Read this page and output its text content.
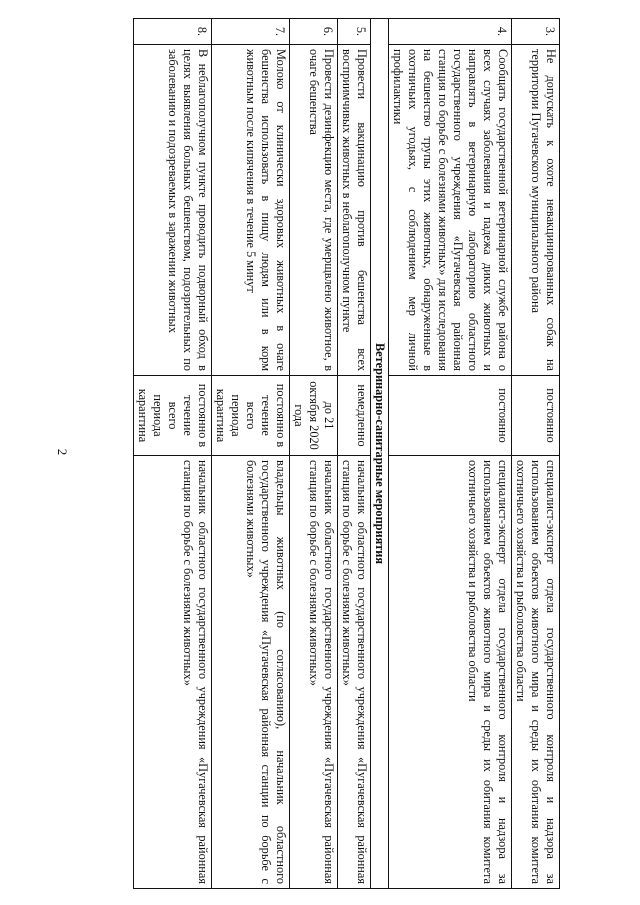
2
3.	Не допускать к охоте невакцинированных собак на территории Пугачевского муниципального района	постоянно	специалист-эксперт отдела государственного контроля и надзора за использованием объектов животного мира и среды их обитания комитета охотничьего хозяйства и рыболовства области
4.	Сообщать государственной ветеринарной службе района о всех случаях заболевания и падежа диких животных и направлять в ветеринарную лабораторию областного государственного учреждения «Пугачевская районная станция по борьбе с болезнями животных» для исследования на бешенство трупы этих животных, обнаруженные в охотничьих угодьях, с соблюдением мер личной профилактики	постоянно	специалист-эксперт отдела государственного контроля и надзора за использованием объектов животного мира и среды их обитания комитета охотничьего хозяйства и рыболовства области
Ветеринарно-санитарные мероприятия			
5.	Провести вакцинацию против бешенства всех восприимчивых животных в неблагополучном пункте	немедленно	начальник областного государственного учреждения «Пугачевская районная станция по борьбе с болезнями животных»
6.	Провести дезинфекцию места, где умерщвлено животное, в очаге бешенства	до 21 октября 2020 года	начальник областного государственного учреждения «Пугачевская районная станция по борьбе с болезнями животных»
7.	Молоко от клинически здоровых животных в очаге бешенства использовать в пищу людям или в корм животным после кипячения в течение 5 минут	постоянно в течение всего периода карантина	владельцы животных (по согласованию), начальник областного государственного учреждения «Пугачевская районная станции по борьбе с болезнями животных»
8.	В неблагополучном пункте проводить подворный обход в целях выявления больных бешенством, подозрительных по заболеванию и подозреваемых в заражении животных	постоянно в течение всего периода карантина	начальник областного государственного учреждения «Пугачевская районная станция по борьбе с болезнями животных»
